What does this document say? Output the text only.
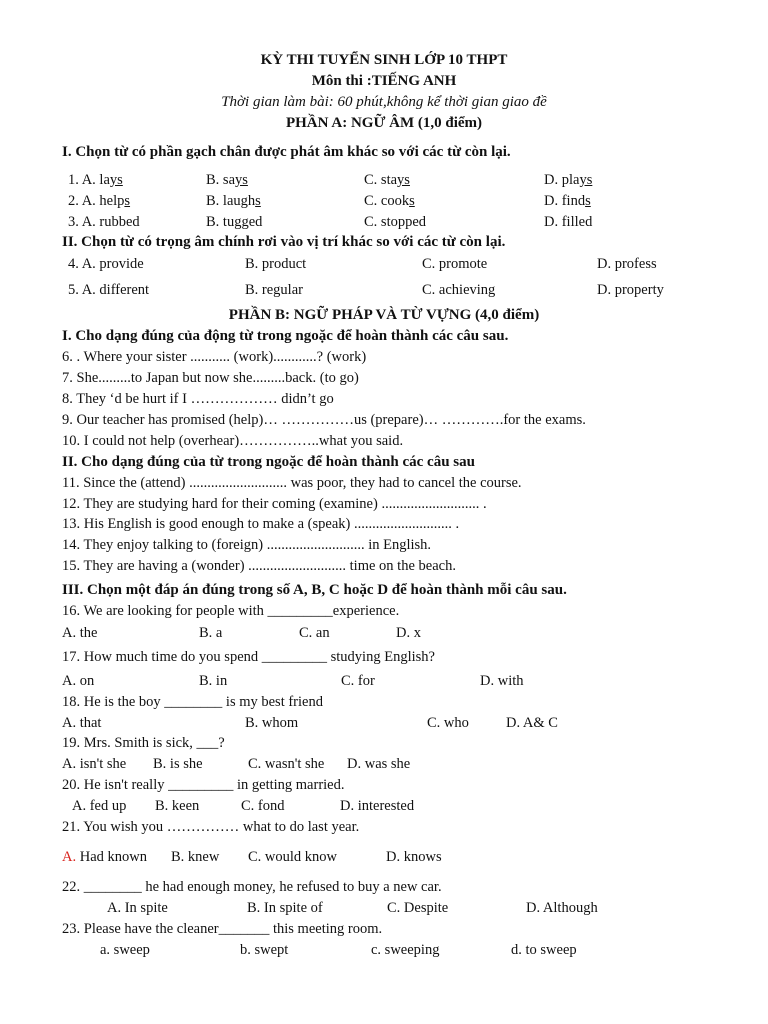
KỲ THI TUYỂN SINH LỚP 10 THPT
Môn thi :TIẾNG ANH
Thời gian làm bài: 60 phút,không kể thời gian giao đề
PHẦN A: NGỮ ÂM (1,0 điểm)
I. Chọn từ có phần gạch chân được phát âm khác so với các từ còn lại.
1. A. lays	B. says	C. stays	D. plays
2. A. helps	B. laughs	C. cooks	D. finds
3. A. rubbed	B. tugged	C. stopped	D. filled
II. Chọn từ có trọng âm chính rơi vào vị trí khác so với các từ còn lại.
4. A. provide	B. product	C. promote	D. profess
5. A. different	B. regular	C. achieving	D. property
PHẦN B: NGỮ PHÁP VÀ TỪ VỰNG (4,0 điểm)
I. Cho dạng đúng của động từ trong ngoặc để hoàn thành các câu sau.
6. . Where your sister ........... (work)............? (work)
7. She.........to Japan but now she.........back. (to go)
8. They ‘d be hurt if I ……………… didn’t go
9. Our teacher has promised (help)… ……………us (prepare)… ………….for the exams.
10. I could not help (overhear)……………..what you said.
II. Cho dạng đúng của từ trong ngoặc để hoàn thành các câu sau
11. Since the (attend) ........................... was poor, they had to cancel the course.
12. They are studying hard for their coming (examine) ........................... .
13. His English is good enough to make a (speak) ........................... .
14. They enjoy talking to (foreign) ........................... in English.
15. They are having a (wonder) ........................... time on the beach.
III. Chọn một đáp án đúng trong số A, B, C hoặc D để hoàn thành mỗi câu sau.
16. We are looking for people with _________experience.
A. the	B. a	C. an	D. x
17. How much time do you spend _________ studying English?
A. on	B. in	C. for	D. with
18. He is the boy ________ is my best friend
A. that	B. whom	C. who	D. A& C
19. Mrs. Smith is sick, ___?
A. isn't she B. is she	C. wasn't she D. was she
20. He isn't really _________ in getting married.
A. fed up B. keen	C. fond	D. interested
21. You wish you …………… what to do last year.
A. Had known B. knew C. would know	D. knows
22. ________ he had enough money, he refused to buy a new car.
A. In spite	B. In spite of	C. Despite	D. Although
23. Please have the cleaner_______ this meeting room.
a. sweep	b. swept	c. sweeping	d. to sweep
